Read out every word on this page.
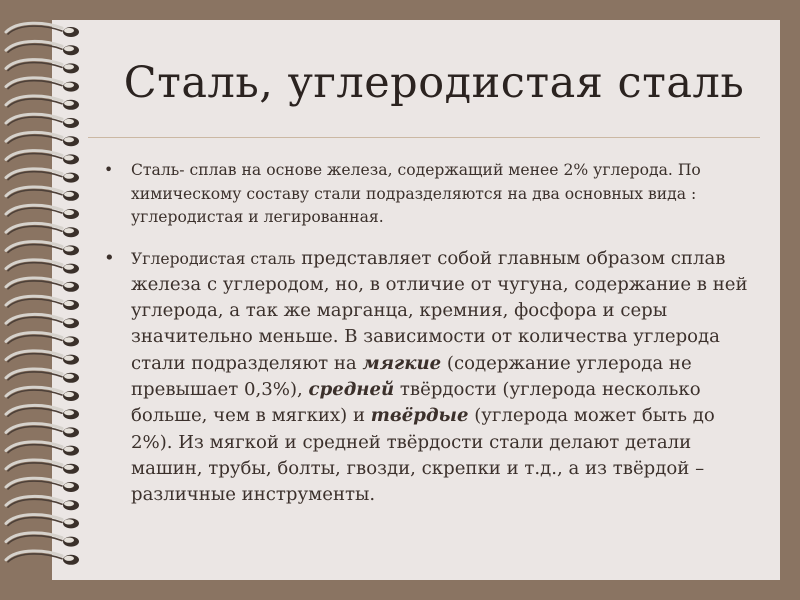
Сталь, углеродистая сталь
• Сталь- сплав на основе железа, содержащий менее 2% углерода. По химическому составу стали подразделяются на два основных вида : углеродистая и легированная.
• Углеродистая сталь представляет собой главным образом сплав железа с углеродом, но, в отличие от чугуна, содержание в ней углерода, а так же марганца, кремния, фосфора и серы значительно меньше. В зависимости от количества углерода стали подразделяют на мягкие (содержание углерода не превышает 0,3%), средней твёрдости (углерода несколько больше, чем в мягких) и твёрдые (углерода может быть до 2%). Из мягкой и средней твёрдости стали делают детали машин, трубы, болты, гвозди, скрепки и т.д., а из твёрдой – различные инструменты.
